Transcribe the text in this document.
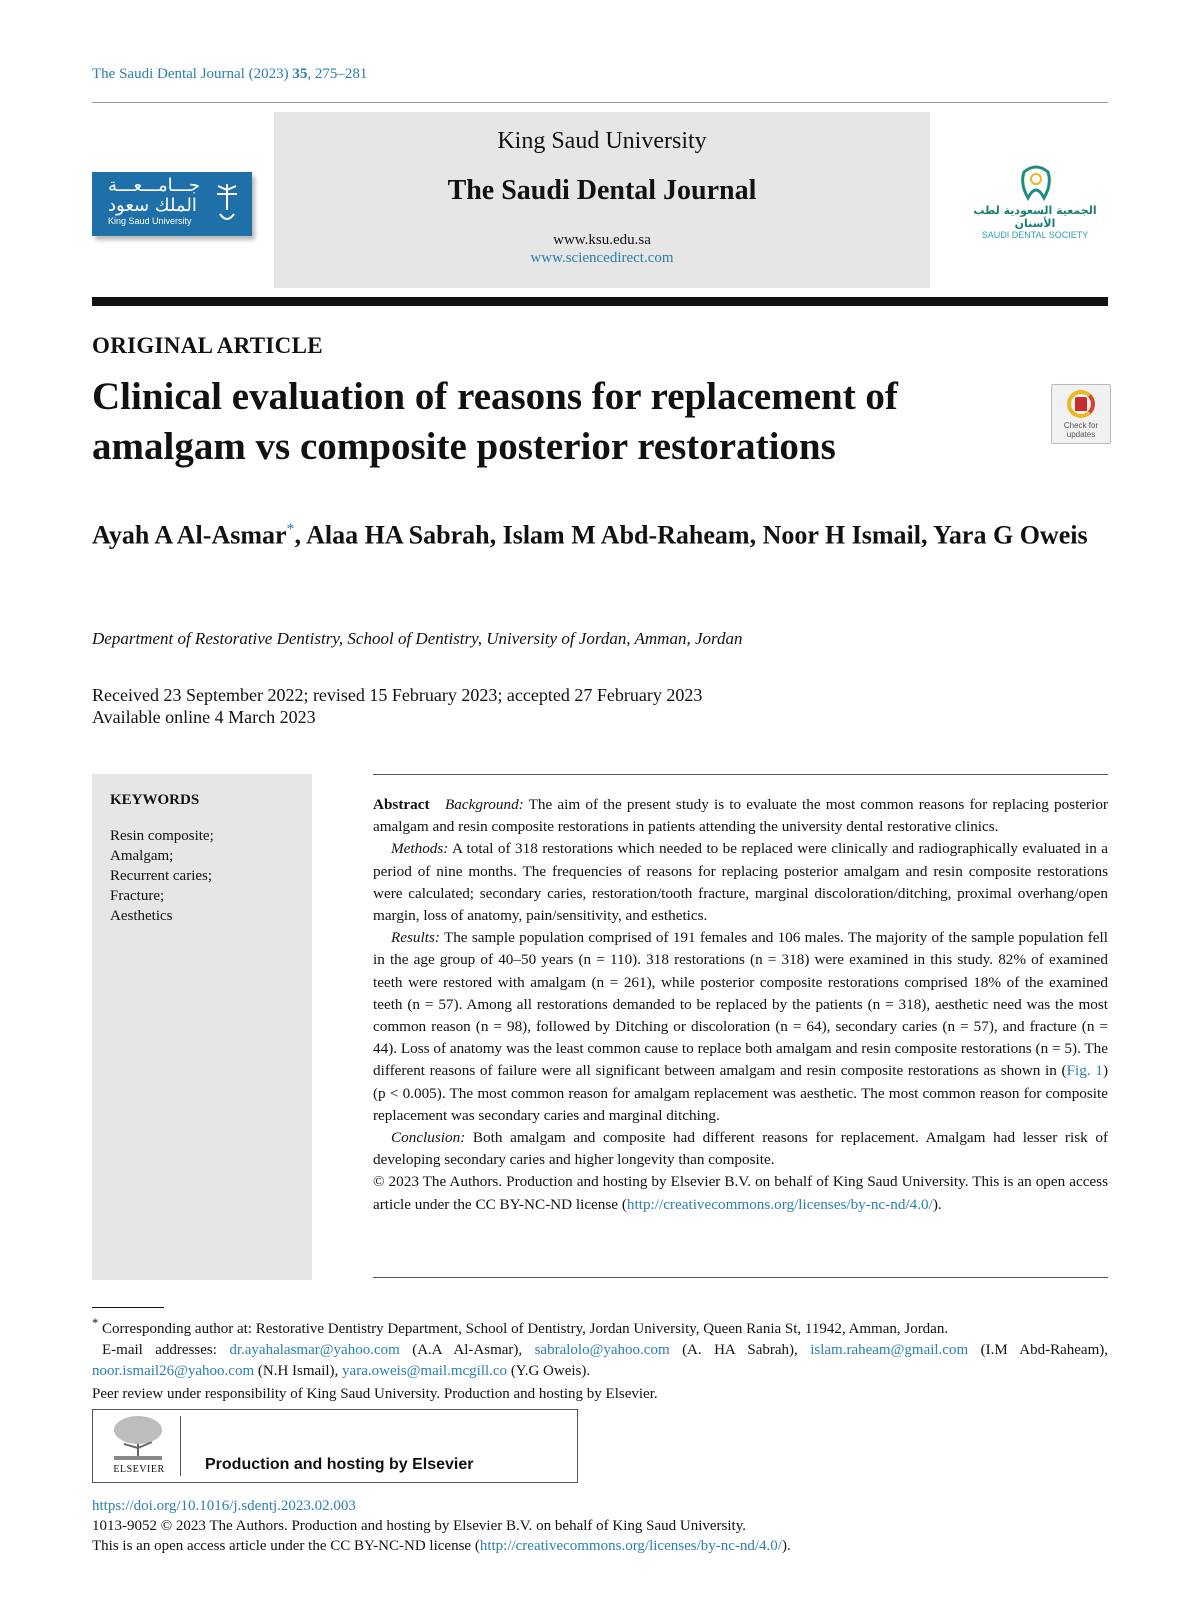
The Saudi Dental Journal (2023) 35, 275–281
جـــامـــعـــة
الملك سعود
King Saud University
King Saud University
The Saudi Dental Journal
www.ksu.edu.sa
www.sciencedirect.com
الجمعية السعودية لطب الأسنان
SAUDI DENTAL SOCIETY
ORIGINAL ARTICLE
Clinical evaluation of reasons for replacement of amalgam vs composite posterior restorations	Check for updates
Ayah A Al-Asmar*, Alaa HA Sabrah, Islam M Abd-Raheam, Noor H Ismail, Yara G Oweis
Department of Restorative Dentistry, School of Dentistry, University of Jordan, Amman, Jordan
Received 23 September 2022; revised 15 February 2023; accepted 27 February 2023
Available online 4 March 2023
KEYWORDS
Resin composite;
Amalgam;
Recurrent caries;
Fracture;
Aesthetics

Abstract Background: The aim of the present study is to evaluate the most common reasons for replacing posterior amalgam and resin composite restorations in patients attending the university dental restorative clinics.

Methods: A total of 318 restorations which needed to be replaced were clinically and radiographically evaluated in a period of nine months. The frequencies of reasons for replacing posterior amalgam and resin composite restorations were calculated; secondary caries, restoration/tooth fracture, marginal discoloration/ditching, proximal overhang/open margin, loss of anatomy, pain/sensitivity, and esthetics.

Results: The sample population comprised of 191 females and 106 males. The majority of the sample population fell in the age group of 40–50 years (n = 110). 318 restorations (n = 318) were examined in this study. 82% of examined teeth were restored with amalgam (n = 261), while posterior composite restorations comprised 18% of the examined teeth (n = 57). Among all restorations demanded to be replaced by the patients (n = 318), aesthetic need was the most common reason (n = 98), followed by Ditching or discoloration (n = 64), secondary caries (n = 57), and fracture (n = 44). Loss of anatomy was the least common cause to replace both amalgam and resin composite restorations (n = 5). The different reasons of failure were all significant between amalgam and resin composite restorations as shown in (Fig. 1) (p < 0.005). The most common reason for amalgam replacement was aesthetic. The most common reason for composite replacement was secondary caries and marginal ditching.

Conclusion: Both amalgam and composite had different reasons for replacement. Amalgam had lesser risk of developing secondary caries and higher longevity than composite.

© 2023 The Authors. Production and hosting by Elsevier B.V. on behalf of King Saud University. This is an open access article under the CC BY-NC-ND license (http://creativecommons.org/licenses/by-nc-nd/4.0/).

* Corresponding author at: Restorative Dentistry Department, School of Dentistry, Jordan University, Queen Rania St, 11942, Amman, Jordan.

E-mail addresses: dr.ayahalasmar@yahoo.com (A.A Al-Asmar), sabralolo@yahoo.com (A. HA Sabrah), islam.raheam@gmail.com (I.M Abd-Raheam), noor.ismail26@yahoo.com (N.H Ismail), yara.oweis@mail.mcgill.co (Y.G Oweis).

Peer review under responsibility of King Saud University. Production and hosting by Elsevier.

ELSEVIER	Production and hosting by Elsevier
https://doi.org/10.1016/j.sdentj.2023.02.003
1013-9052 © 2023 The Authors. Production and hosting by Elsevier B.V. on behalf of King Saud University.
This is an open access article under the CC BY-NC-ND license (http://creativecommons.org/licenses/by-nc-nd/4.0/).
